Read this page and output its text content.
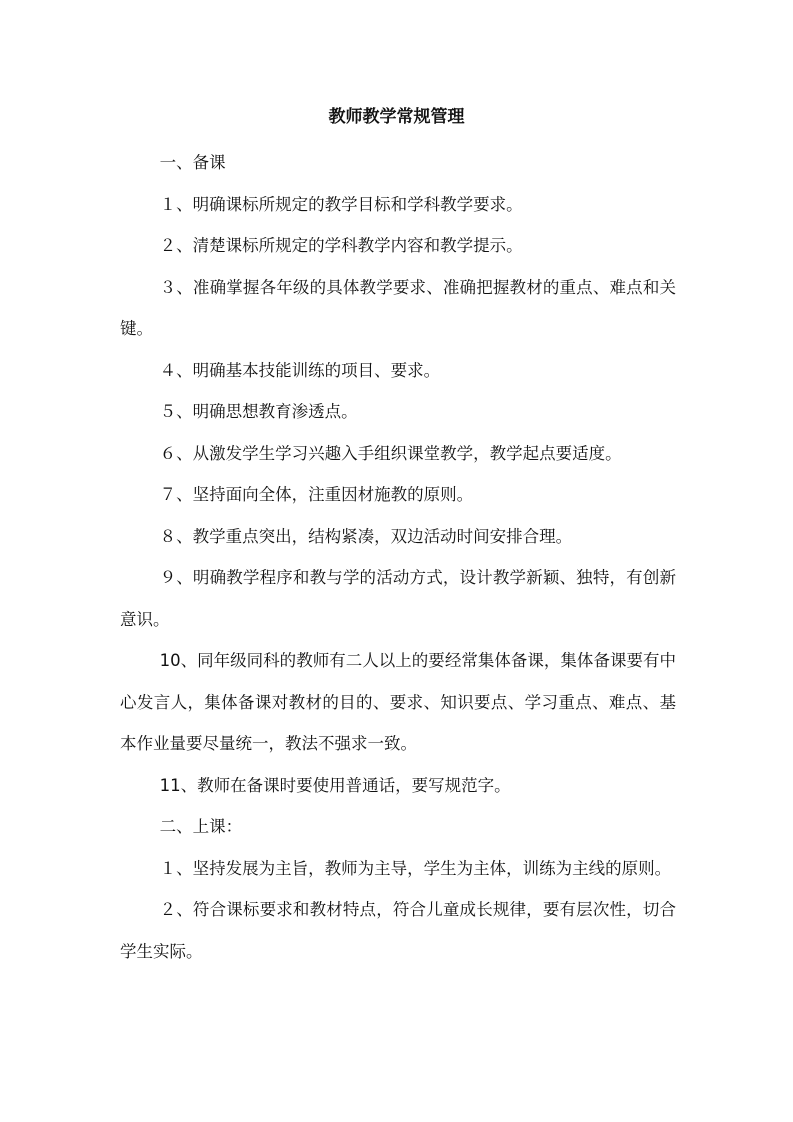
教师教学常规管理

一、备课

１、明确课标所规定的教学目标和学科教学要求。

２、清楚课标所规定的学科教学内容和教学提示。

３、准确掌握各年级的具体教学要求、准确把握教材的重点、难点和关键。

４、明确基本技能训练的项目、要求。

５、明确思想教育渗透点。

６、从激发学生学习兴趣入手组织课堂教学，教学起点要适度。

７、坚持面向全体，注重因材施教的原则。

８、教学重点突出，结构紧凑，双边活动时间安排合理。

９、明确教学程序和教与学的活动方式，设计教学新颖、独特，有创新意识。

10、同年级同科的教师有二人以上的要经常集体备课，集体备课要有中心发言人，集体备课对教材的目的、要求、知识要点、学习重点、难点、基本作业量要尽量统一，教法不强求一致。

11、教师在备课时要使用普通话，要写规范字。

二、上课：

１、坚持发展为主旨，教师为主导，学生为主体，训练为主线的原则。

２、符合课标要求和教材特点，符合儿童成长规律，要有层次性，切合学生实际。
